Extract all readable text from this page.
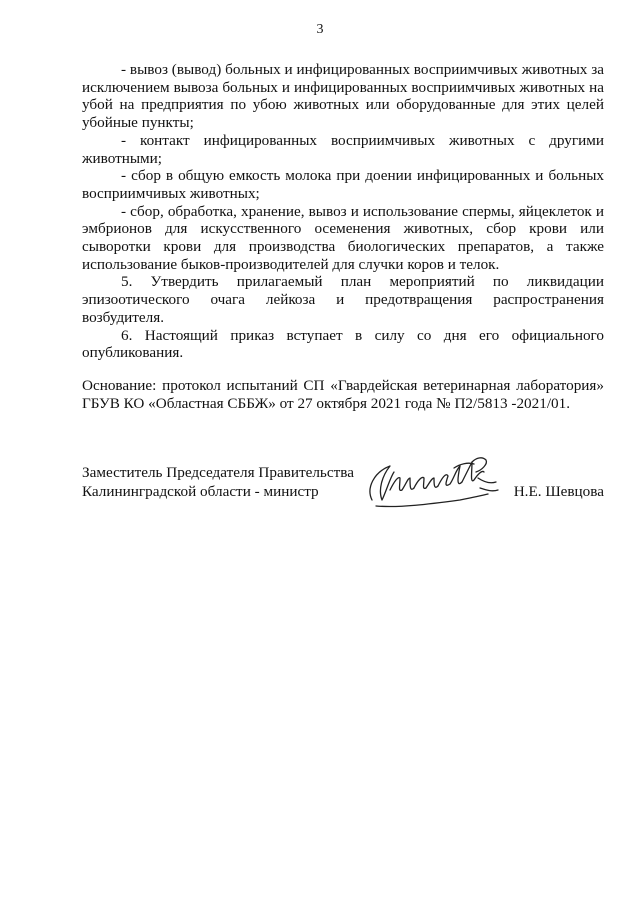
3

- вывоз (вывод) больных и инфицированных восприимчивых животных за исключением вывоза больных и инфицированных восприимчивых животных на убой на предприятия по убою животных или оборудованные для этих целей убойные пункты;

- контакт инфицированных восприимчивых животных с другими животными;

- сбор в общую емкость молока при доении инфицированных и больных восприимчивых животных;

- сбор, обработка, хранение, вывоз и использование спермы, яйцеклеток и эмбрионов для искусственного осеменения животных, сбор крови или сыворотки крови для производства биологических препаратов, а также использование быков-производителей для случки коров и телок.

5. Утвердить прилагаемый план мероприятий по ликвидации эпизоотического очага лейкоза и предотвращения распространения возбудителя.

6. Настоящий приказ вступает в силу со дня его официального опубликования.

Основание: протокол испытаний СП «Гвардейская ветеринарная лаборатория» ГБУВ КО «Областная СББЖ» от 27 октября 2021 года № П2/5813 -2021/01.

Заместитель Председателя Правительства
Калининградской области - министр	Н.Е. Шевцова
